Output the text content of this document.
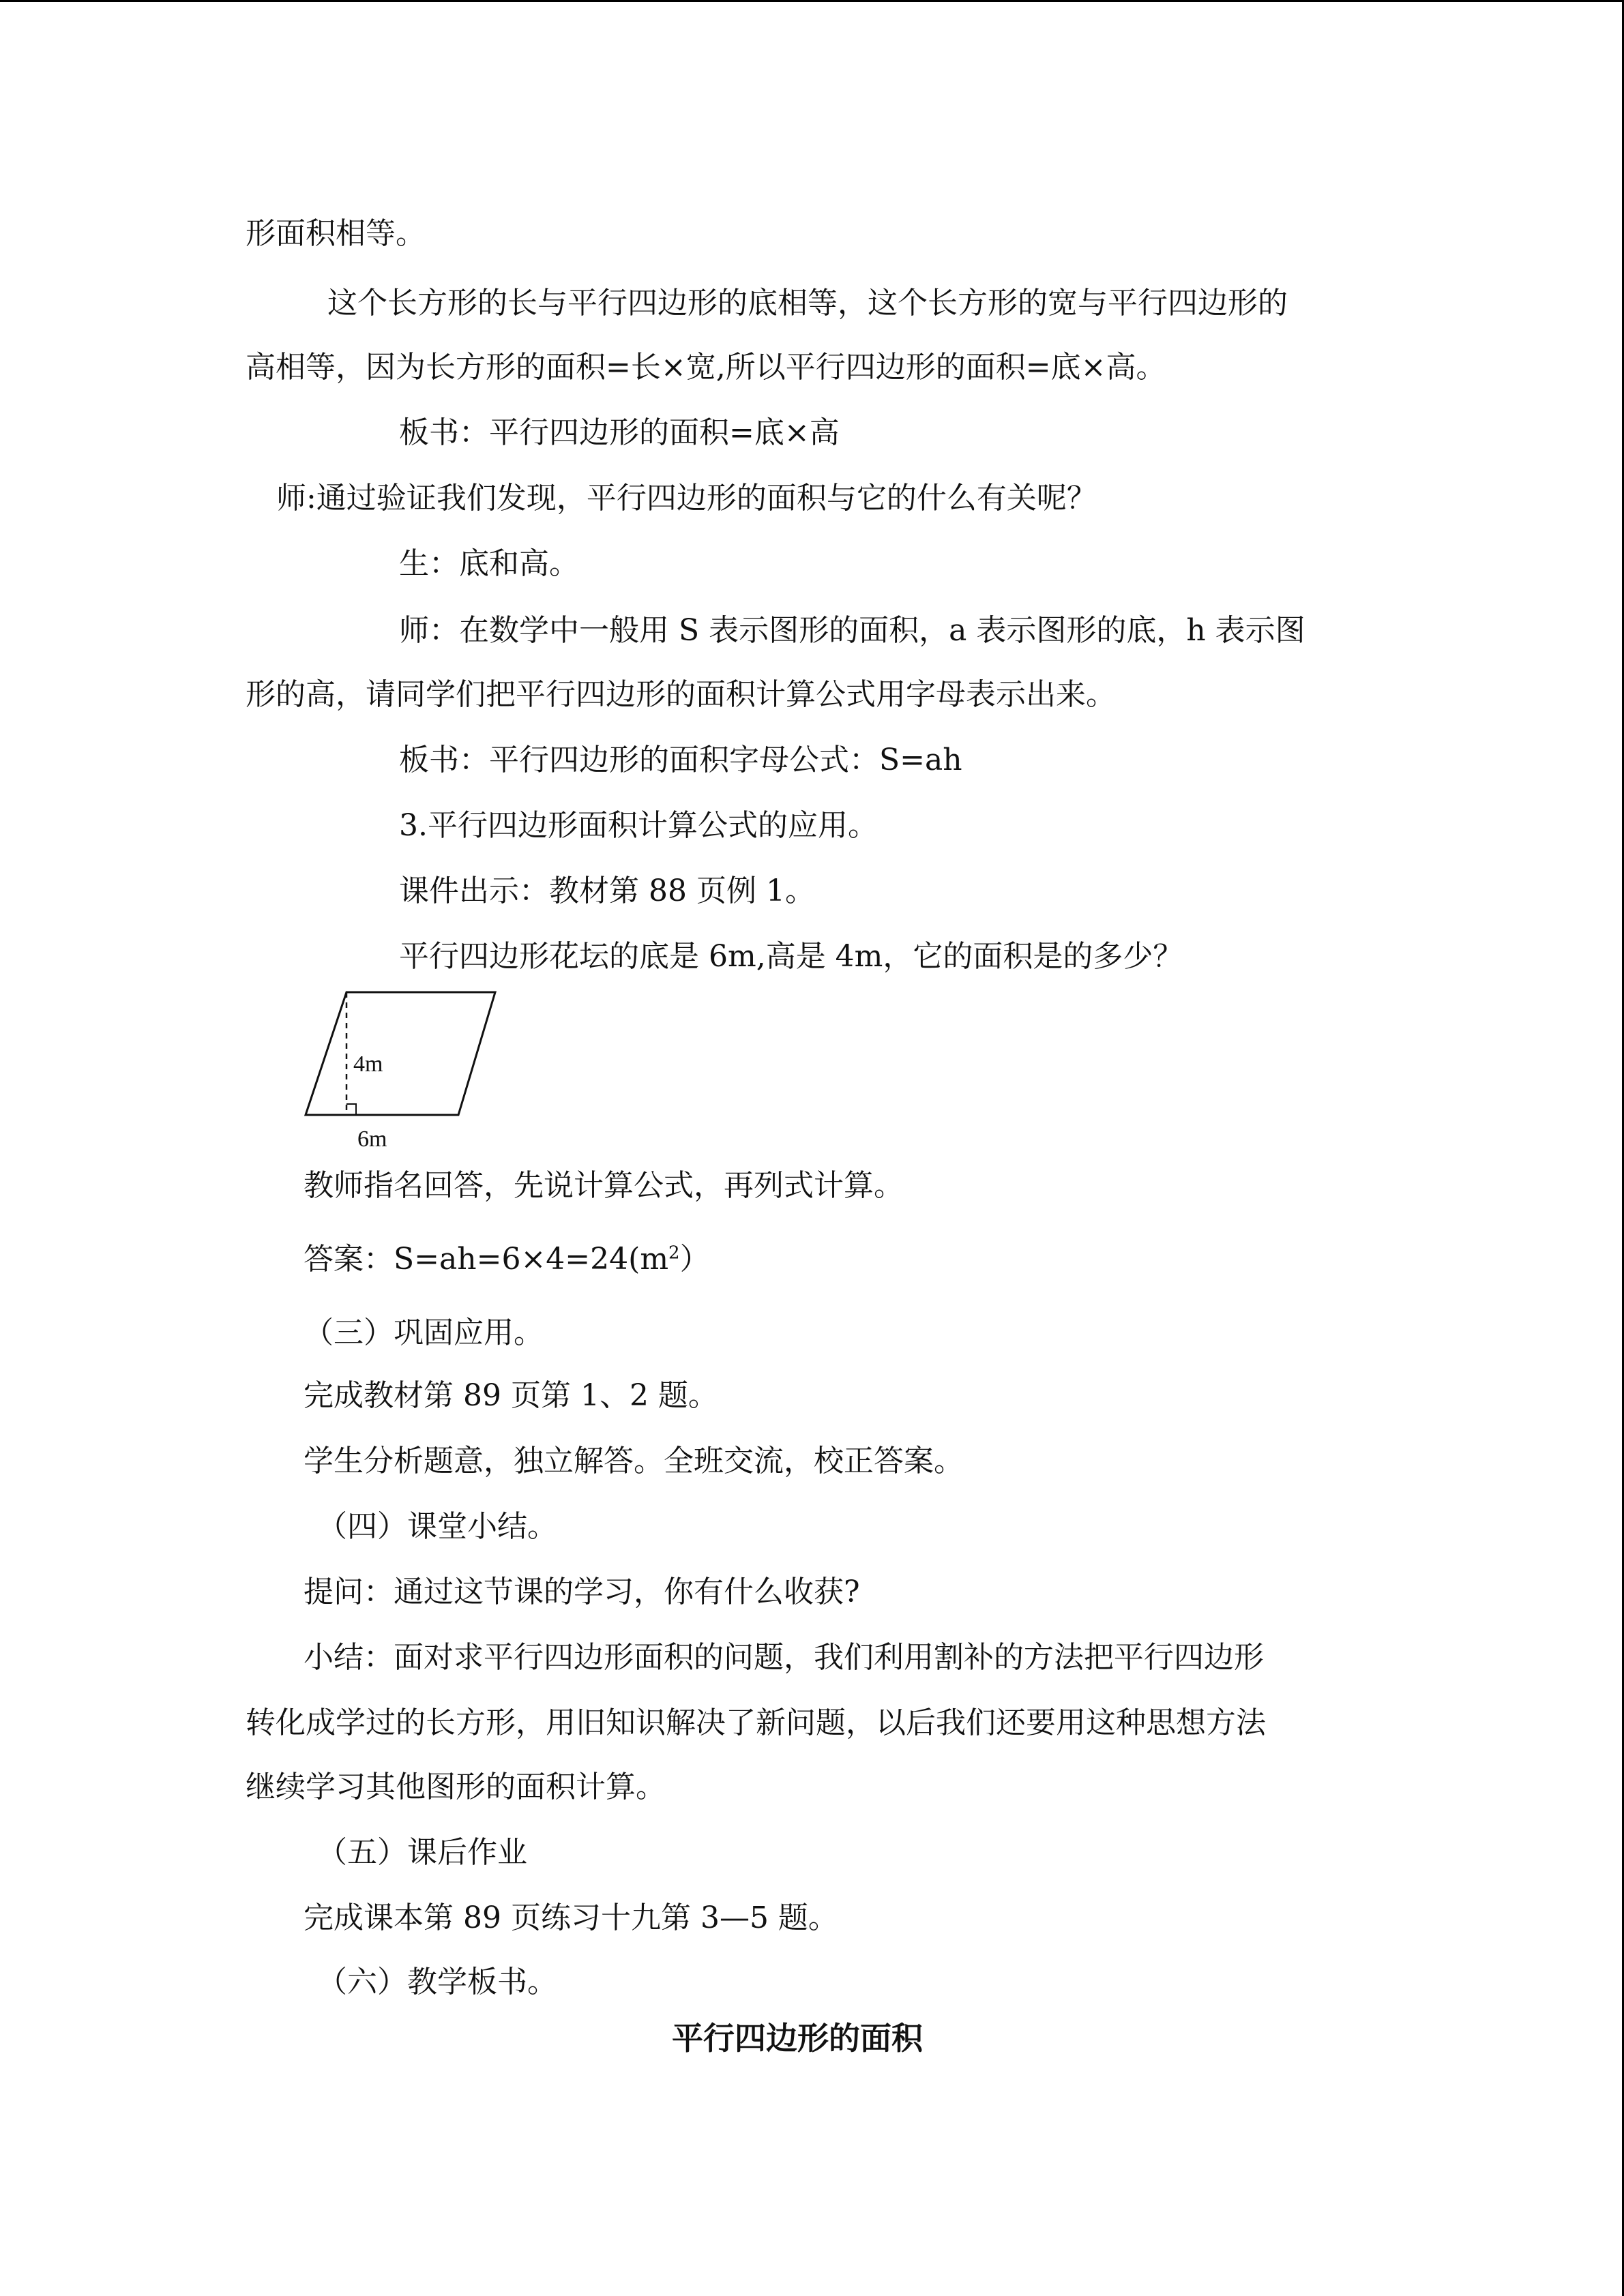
形面积相等。
这个长方形的长与平行四边形的底相等，这个长方形的宽与平行四边形的
高相等，因为长方形的面积=长×宽,所以平行四边形的面积=底×高。
板书：平行四边形的面积=底×高
师:通过验证我们发现，平行四边形的面积与它的什么有关呢？
生：底和高。
师：在数学中一般用 S 表示图形的面积，a 表示图形的底，h 表示图
形的高，请同学们把平行四边形的面积计算公式用字母表示出来。
板书：平行四边形的面积字母公式：S=ah
3.平行四边形面积计算公式的应用。
课件出示：教材第 88 页例 1。
平行四边形花坛的底是 6m,高是 4m，它的面积是的多少？
4m
6m
教师指名回答，先说计算公式，再列式计算。
答案：$S=ah=6\times 4=24(m^2)$
（三）巩固应用。
完成教材第 89 页第 1、2 题。
学生分析题意，独立解答。全班交流，校正答案。
（四）课堂小结。
提问：通过这节课的学习，你有什么收获?
小结：面对求平行四边形面积的问题，我们利用割补的方法把平行四边形
转化成学过的长方形，用旧知识解决了新问题，以后我们还要用这种思想方法
继续学习其他图形的面积计算。
（五）课后作业
完成课本第 89 页练习十九第 3—5 题。
（六）教学板书。
平行四边形的面积
